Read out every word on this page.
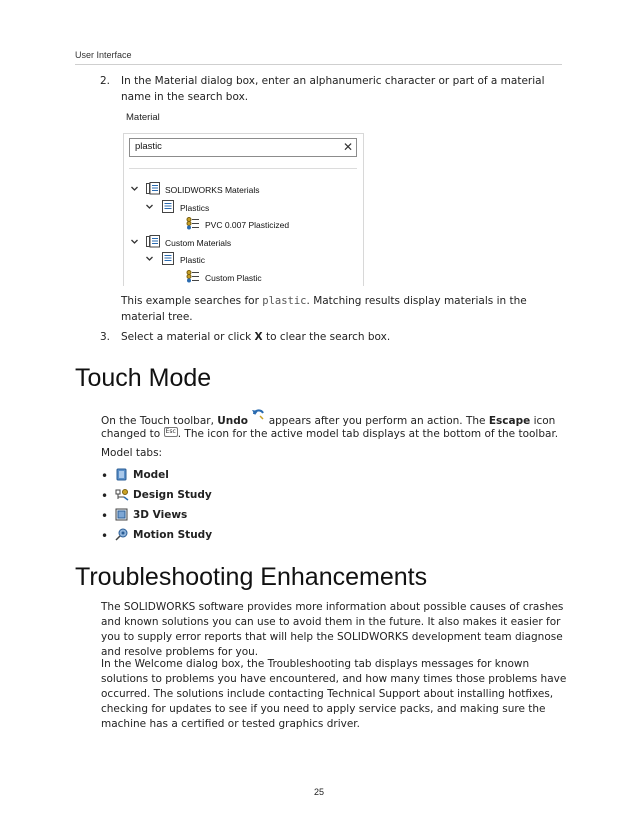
User Interface
2. In the Material dialog box, enter an alphanumeric character or part of a material name in the search box.
Material
plastic	✕
SOLIDWORKS Materials
Plastics
PVC 0.007 Plasticized
Custom Materials
Plastic
Custom Plastic
This example searches for plastic. Matching results display materials in the material tree.
3. Select a material or click X to clear the search box.
Touch Mode
On the Touch toolbar, Undo  appears after you perform an action. The Escape icon
changed to Esc . The icon for the active model tab displays at the bottom of the toolbar.
Model tabs:
• Model
• Design Study
• 3D Views
• Motion Study
Troubleshooting Enhancements
The SOLIDWORKS software provides more information about possible causes of crashes and known solutions you can use to avoid them in the future. It also makes it easier for you to supply error reports that will help the SOLIDWORKS development team diagnose and resolve problems for you.
In the Welcome dialog box, the Troubleshooting tab displays messages for known solutions to problems you have encountered, and how many times those problems have occurred. The solutions include contacting Technical Support about installing hotfixes, checking for updates to see if you need to apply service packs, and making sure the machine has a certified or tested graphics driver.
25
